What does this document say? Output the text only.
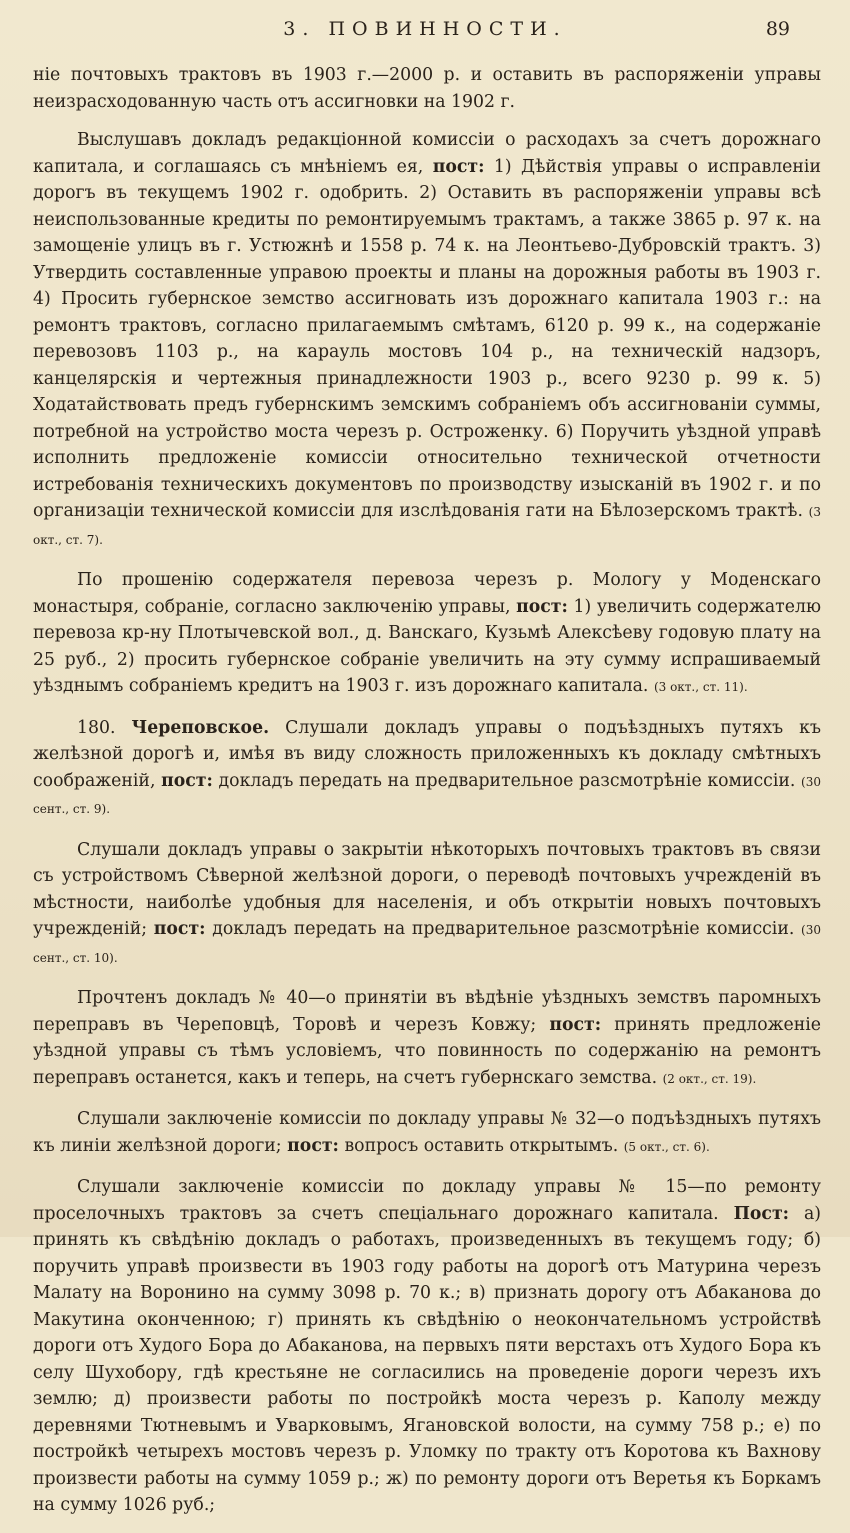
3. ПОВИННОСТИ.	89

ніе почтовыхъ трактовъ въ 1903 г.—2000 р. и оставить въ распоряженіи управы неизрасходованную часть отъ ассигновки на 1902 г.

Выслушавъ докладъ редакціонной комиссіи о расходахъ за счетъ дорожнаго капитала, и соглашаясь съ мнѣніемъ ея, пост: 1) Дѣйствія управы о исправленіи дорогъ въ текущемъ 1902 г. одобрить. 2) Оставить въ распоряженіи управы всѣ неиспользованные кредиты по ремонтируемымъ трактамъ, а также 3865 р. 97 к. на замощеніе улицъ въ г. Устюжнѣ и 1558 р. 74 к. на Леонтьево-Дубровскій трактъ. 3) Утвердить составленные управою проекты и планы на дорожныя работы въ 1903 г. 4) Просить губернское земство ассигновать изъ дорожнаго капитала 1903 г.: на ремонтъ трактовъ, согласно прилагаемымъ смѣтамъ, 6120 р. 99 к., на содержаніе перевозовъ 1103 р., на карауль мостовъ 104 р., на техническій надзоръ, канцелярскія и чертежныя принадлежности 1903 р., всего 9230 р. 99 к. 5) Ходатайствовать предъ губернскимъ земскимъ собраніемъ объ ассигнованіи суммы, потребной на устройство моста черезъ р. Остроженку. 6) Поручить уѣздной управѣ исполнить предложеніе комиссіи относительно технической отчетности истребованія техническихъ документовъ по производству изысканій въ 1902 г. и по организаціи технической комиссіи для изслѣдованія гати на Бѣлозерскомъ трактѣ. (3 окт., ст. 7).

По прошенію содержателя перевоза черезъ р. Мологу у Моденскаго монастыря, собраніе, согласно заключенію управы, пост: 1) увеличить содержателю перевоза кр-ну Плотычевской вол., д. Ванскаго, Кузьмѣ Алексѣеву годовую плату на 25 руб., 2) просить губернское собраніе увеличить на эту сумму испрашиваемый уѣзднымъ собраніемъ кредитъ на 1903 г. изъ дорожнаго капитала. (3 окт., ст. 11).

180. Череповское. Слушали докладъ управы о подъѣздныхъ путяхъ къ желѣзной дорогѣ и, имѣя въ виду сложность приложенныхъ къ докладу смѣтныхъ соображеній, пост: докладъ передать на предварительное разсмотрѣніе комиссіи. (30 сент., ст. 9).

Слушали докладъ управы о закрытіи нѣкоторыхъ почтовыхъ трактовъ въ связи съ устройствомъ Сѣверной желѣзной дороги, о переводѣ почтовыхъ учрежденій въ мѣстности, наиболѣе удобныя для населенія, и объ открытіи новыхъ почтовыхъ учрежденій; пост: докладъ передать на предварительное разсмотрѣніе комиссіи. (30 сент., ст. 10).

Прочтенъ докладъ № 40—о принятіи въ вѣдѣніе уѣздныхъ земствъ паромныхъ переправъ въ Череповцѣ, Торовѣ и черезъ Ковжу; пост: принять предложеніе уѣздной управы съ тѣмъ условіемъ, что повинность по содержанію на ремонтъ переправъ останется, какъ и теперь, на счетъ губернскаго земства. (2 окт., ст. 19).

Слушали заключеніе комиссіи по докладу управы № 32—о подъѣздныхъ путяхъ къ линіи желѣзной дороги; пост: вопросъ оставить открытымъ. (5 окт., ст. 6).

Слушали заключеніе комиссіи по докладу управы № 15—по ремонту проселочныхъ трактовъ за счетъ спеціальнаго дорожнаго капитала. Пост: а) принять къ свѣдѣнію докладъ о работахъ, произведенныхъ въ текущемъ году; б) поручить управѣ произвести въ 1903 году работы на дорогѣ отъ Матурина черезъ Малату на Воронино на сумму 3098 р. 70 к.; в) признать дорогу отъ Абаканова до Макутина оконченною; г) принять къ свѣдѣнію о неокончательномъ устройствѣ дороги отъ Худого Бора до Абаканова, на первыхъ пяти верстахъ отъ Худого Бора къ селу Шухобору, гдѣ крестьяне не согласились на проведеніе дороги черезъ ихъ землю; д) произвести работы по постройкѣ моста черезъ р. Каполу между деревнями Тютневымъ и Уварковымъ, Ягановской волости, на сумму 758 р.; е) по постройкѣ четырехъ мостовъ черезъ р. Уломку по тракту отъ Коротова къ Вахнову произвести работы на сумму 1059 р.; ж) по ремонту дороги отъ Веретья къ Боркамъ на сумму 1026 руб.;
